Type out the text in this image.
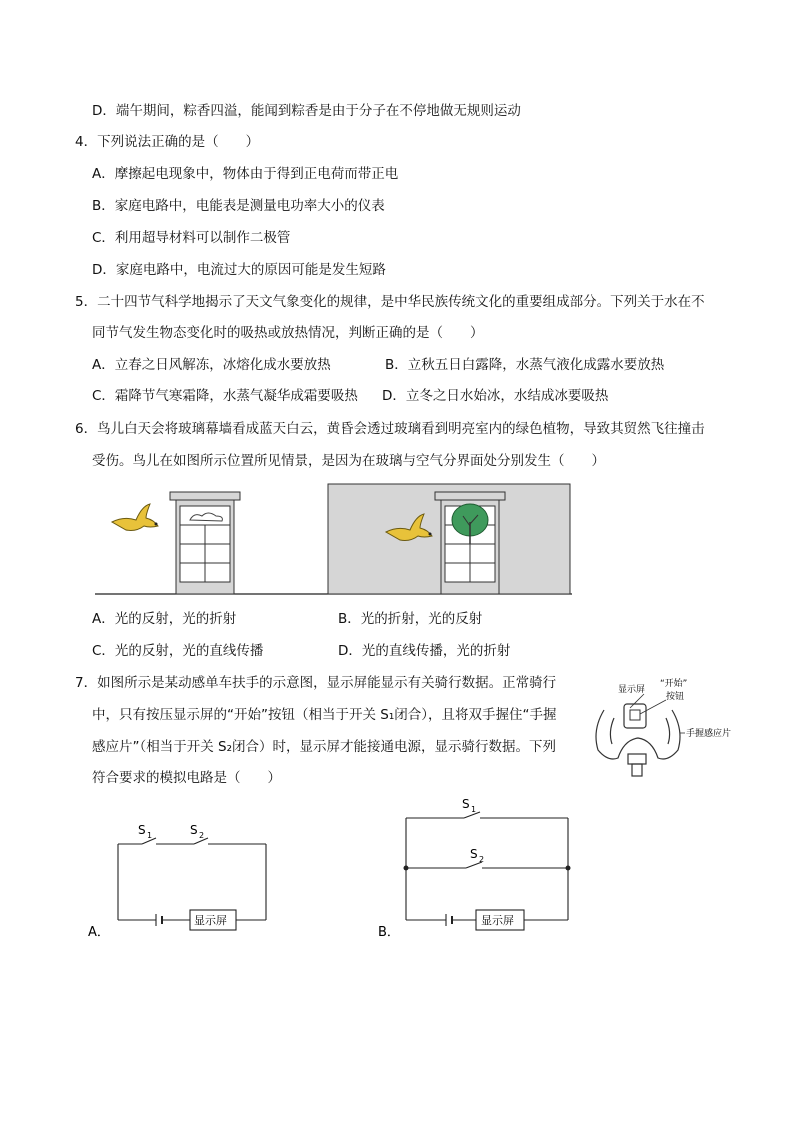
D．端午期间，粽香四溢，能闻到粽香是由于分子在不停地做无规则运动
4．下列说法正确的是（　　）
A．摩擦起电现象中，物体由于得到正电荷而带正电
B．家庭电路中，电能表是测量电功率大小的仪表
C．利用超导材料可以制作二极管
D．家庭电路中，电流过大的原因可能是发生短路
5．二十四节气科学地揭示了天文气象变化的规律，是中华民族传统文化的重要组成部分。下列关于水在不
同节气发生物态变化时的吸热或放热情况，判断正确的是（　　）
A．立春之日风解冻，冰熔化成水要放热	B．立秋五日白露降，水蒸气液化成露水要放热
C．霜降节气寒霜降，水蒸气凝华成霜要吸热 D．立冬之日水始冰，水结成冰要吸热
6．鸟儿白天会将玻璃幕墙看成蓝天白云，黄昏会透过玻璃看到明亮室内的绿色植物，导致其贸然飞往撞击
受伤。鸟儿在如图所示位置所见情景，是因为在玻璃与空气分界面处分别发生（　　）
A．光的反射，光的折射	B．光的折射，光的反射
C．光的反射，光的直线传播	D．光的直线传播，光的折射
7．如图所示是某动感单车扶手的示意图，显示屏能显示有关骑行数据。正常骑行
中，只有按压显示屏的“开始”按钮（相当于开关 S₁闭合），且将双手握住“手握
感应片”（相当于开关 S₂闭合）时，显示屏才能接通电源，显示骑行数据。下列
符合要求的模拟电路是（　　）
显示屏
“开始”
按钮
手握感应片
A．
显示屏
S 1	S 2
B．
显示屏
S 1
S 2
